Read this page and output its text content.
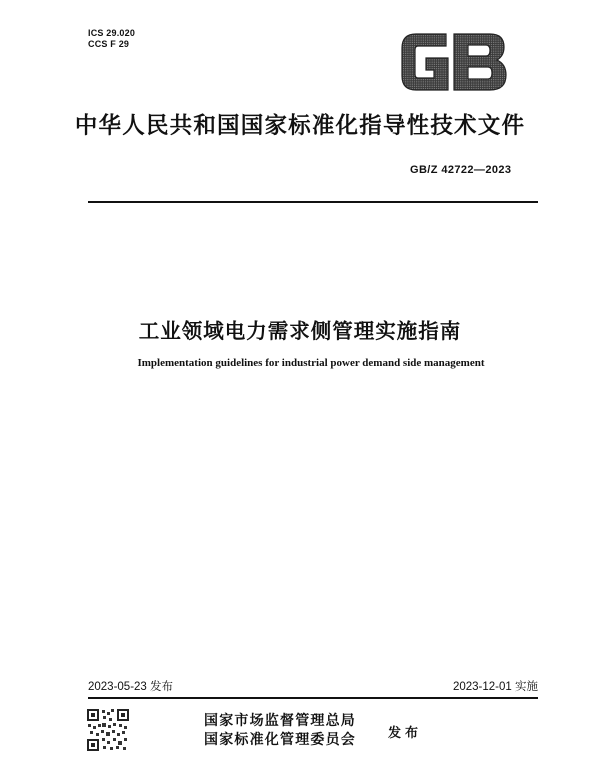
ICS 29.020
CCS F 29
中华人民共和国国家标准化指导性技术文件
GB/Z 42722—2023
工业领域电力需求侧管理实施指南
Implementation guidelines for industrial power demand side management
2023-05-23 发布	2023-12-01 实施
国家市场监督管理总局
国家标准化管理委员会 发布
